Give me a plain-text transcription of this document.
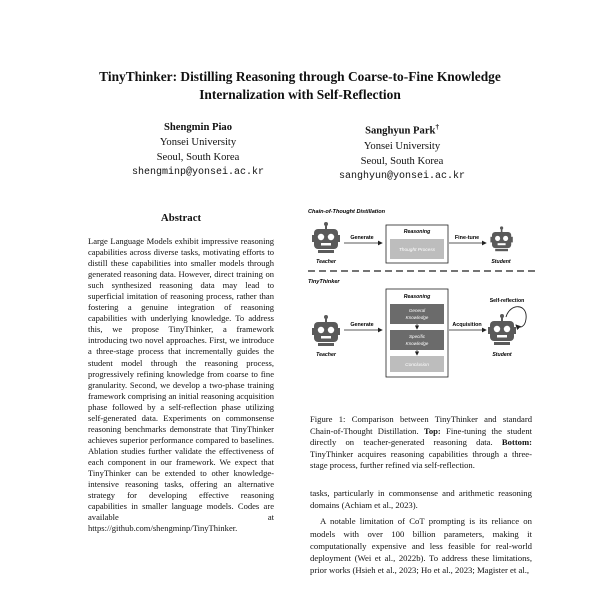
TinyThinker: Distilling Reasoning through Coarse-to-Fine Knowledge
Internalization with Self-Reflection
Shengmin Piao
Yonsei University
Seoul, South Korea
shengminp@yonsei.ac.kr
Sanghyun Park†
Yonsei University
Seoul, South Korea
sanghyun@yonsei.ac.kr
Abstract
Large Language Models exhibit impressive reasoning capabilities across diverse tasks, motivating efforts to distill these capabilities into smaller models through generated reasoning data. However, direct training on such synthesized reasoning data may lead to superficial imitation of reasoning process, rather than fostering a genuine integration of reasoning capabilities with underlying knowledge. To address this, we propose TinyThinker, a framework introducing two novel approaches. First, we introduce a three-stage process that incrementally guides the student model through the reasoning process, progressively refining knowledge from coarse to fine granularity. Second, we develop a two-phase training framework comprising an initial reasoning acquisition phase followed by a self-reflection phase utilizing self-generated data. Experiments on commonsense reasoning benchmarks demonstrate that TinyThinker achieves superior performance compared to baselines. Ablation studies further validate the effectiveness of each component in our framework. We expect that TinyThinker can be extended to other knowledge-intensive reasoning tasks, offering an alternative strategy for developing effective reasoning capabilities in smaller language models. Codes are available at https://github.com/shengminp/TinyThinker.
Chain-of-Thought Distillation
Teacher
Generate
Reasoning
Thought Process
Fine-tune
Student
TinyThinker
Teacher
Generate
Reasoning
General
Knowledge
Specific
Knowledge
Conclusion
Acquisition
Student
Self-reflection
Figure 1: Comparison between TinyThinker and standard Chain-of-Thought Distillation. Top: Fine-tuning the student directly on teacher-generated reasoning data. Bottom: TinyThinker acquires reasoning capabilities through a three-stage process, further refined via self-reflection.

tasks, particularly in commonsense and arithmetic reasoning domains (Achiam et al., 2023).

A notable limitation of CoT prompting is its reliance on models with over 100 billion parameters, making it computationally expensive and less feasible for real-world deployment (Wei et al., 2022b). To address these limitations, prior works (Hsieh et al., 2023; Ho et al., 2023; Magister et al.,
